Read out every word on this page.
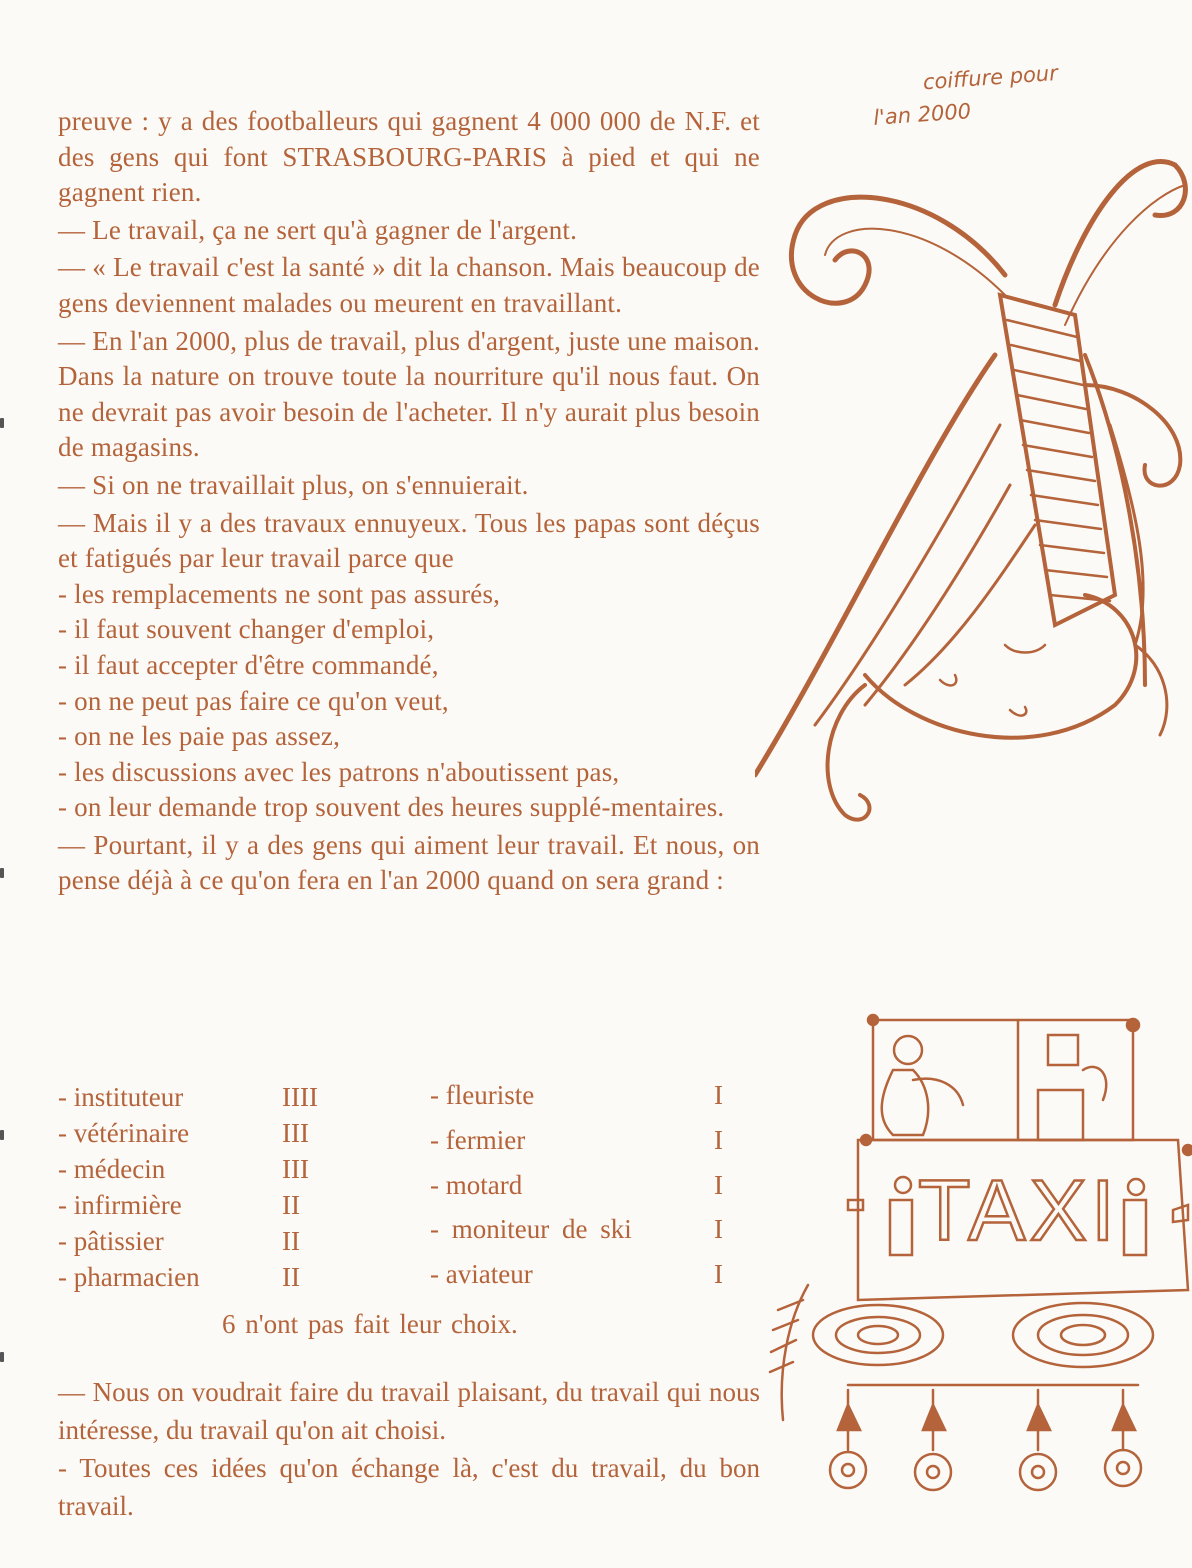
preuve : y a des footballeurs qui gagnent 4 000 000 de N.F. et des gens qui font STRASBOURG-PARIS à pied et qui ne gagnent rien.

— Le travail, ça ne sert qu'à gagner de l'argent.

— « Le travail c'est la santé » dit la chanson. Mais beaucoup de gens deviennent malades ou meurent en travaillant.

— En l'an 2000, plus de travail, plus d'argent, juste une maison. Dans la nature on trouve toute la nourriture qu'il nous faut. On ne devrait pas avoir besoin de l'acheter. Il n'y aurait plus besoin de magasins.

— Si on ne travaillait plus, on s'ennuierait.

— Mais il y a des travaux ennuyeux. Tous les papas sont déçus et fatigués par leur travail parce que

- les remplacements ne sont pas assurés,

- il faut souvent changer d'emploi,

- il faut accepter d'être commandé,

- on ne peut pas faire ce qu'on veut,

- on ne les paie pas assez,

- les discussions avec les patrons n'aboutissent pas,

- on leur demande trop souvent des heures supplé-mentaires.

— Pourtant, il y a des gens qui aiment leur travail. Et nous, on pense déjà à ce qu'on fera en l'an 2000 quand on sera grand :

- instituteur	IIII
- vétérinaire	III
- médecin	III
- infirmière	II
- pâtissier	II
- pharmacien	II
- fleuriste	I
- fermier	I
- motard	I
- moniteur de ski	I
- aviateur	I
6 n'ont pas fait leur choix.

— Nous on voudrait faire du travail plaisant, du travail qui nous intéresse, du travail qu'on ait choisi.

- Toutes ces idées qu'on échange là, c'est du travail, du bon travail.

coiffure pour
l'an 2000
TAXI
